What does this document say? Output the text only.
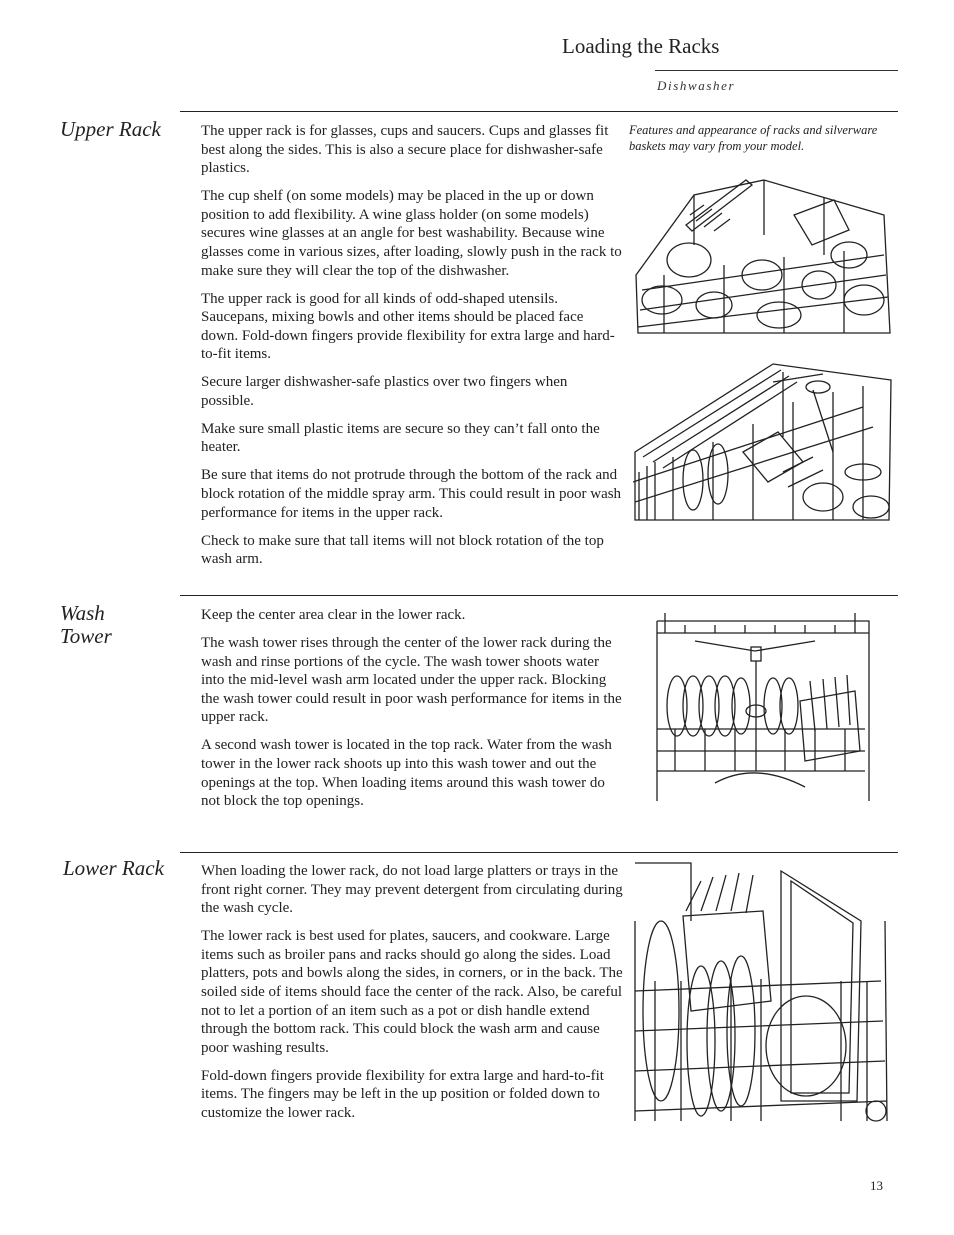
Loading the Racks
Dishwasher
Upper Rack	The upper rack is for glasses, cups and saucers. Cups and glasses fit best along the sides. This is also a secure place for dishwasher-safe plastics.

The cup shelf (on some models) may be placed in the up or down position to add flexibility. A wine glass holder (on some models) secures wine glasses at an angle for best washability. Because wine glasses come in various sizes, after loading, slowly push in the rack to make sure they will clear the top of the dishwasher.

The upper rack is good for all kinds of odd-shaped utensils. Saucepans, mixing bowls and other items should be placed face down. Fold-down fingers provide flexibility for extra large and hard-to-fit items.

Secure larger dishwasher-safe plastics over two fingers when possible.

Make sure small plastic items are secure so they can’t fall onto the heater.

Be sure that items do not protrude through the bottom of the rack and block rotation of the middle spray arm. This could result in poor wash performance for items in the upper rack.

Check to make sure that tall items will not block rotation of the top wash arm.

Features and appearance of racks and silverware baskets may vary from your model.
Wash
Tower

Keep the center area clear in the lower rack.

The wash tower rises through the center of the lower rack during the wash and rinse portions of the cycle. The wash tower shoots water into the mid-level wash arm located under the upper rack. Blocking the wash tower could result in poor wash performance for items in the upper rack.

A second wash tower is located in the top rack. Water from the wash tower in the lower rack shoots up into this wash tower and out the openings at the top. When loading items around this wash tower do not block the top openings.

Lower Rack When loading the lower rack, do not load large platters or trays in the front right corner. They may prevent detergent from circulating during the wash cycle.

The lower rack is best used for plates, saucers, and cookware. Large items such as broiler pans and racks should go along the sides. Load platters, pots and bowls along the sides, in corners, or in the back. The soiled side of items should face the center of the rack. Also, be careful not to let a portion of an item such as a pot or dish handle extend through the bottom rack. This could block the wash arm and cause poor washing results.

Fold-down fingers provide flexibility for extra large and hard-to-fit items. The fingers may be left in the up position or folded down to customize the lower rack.

13
